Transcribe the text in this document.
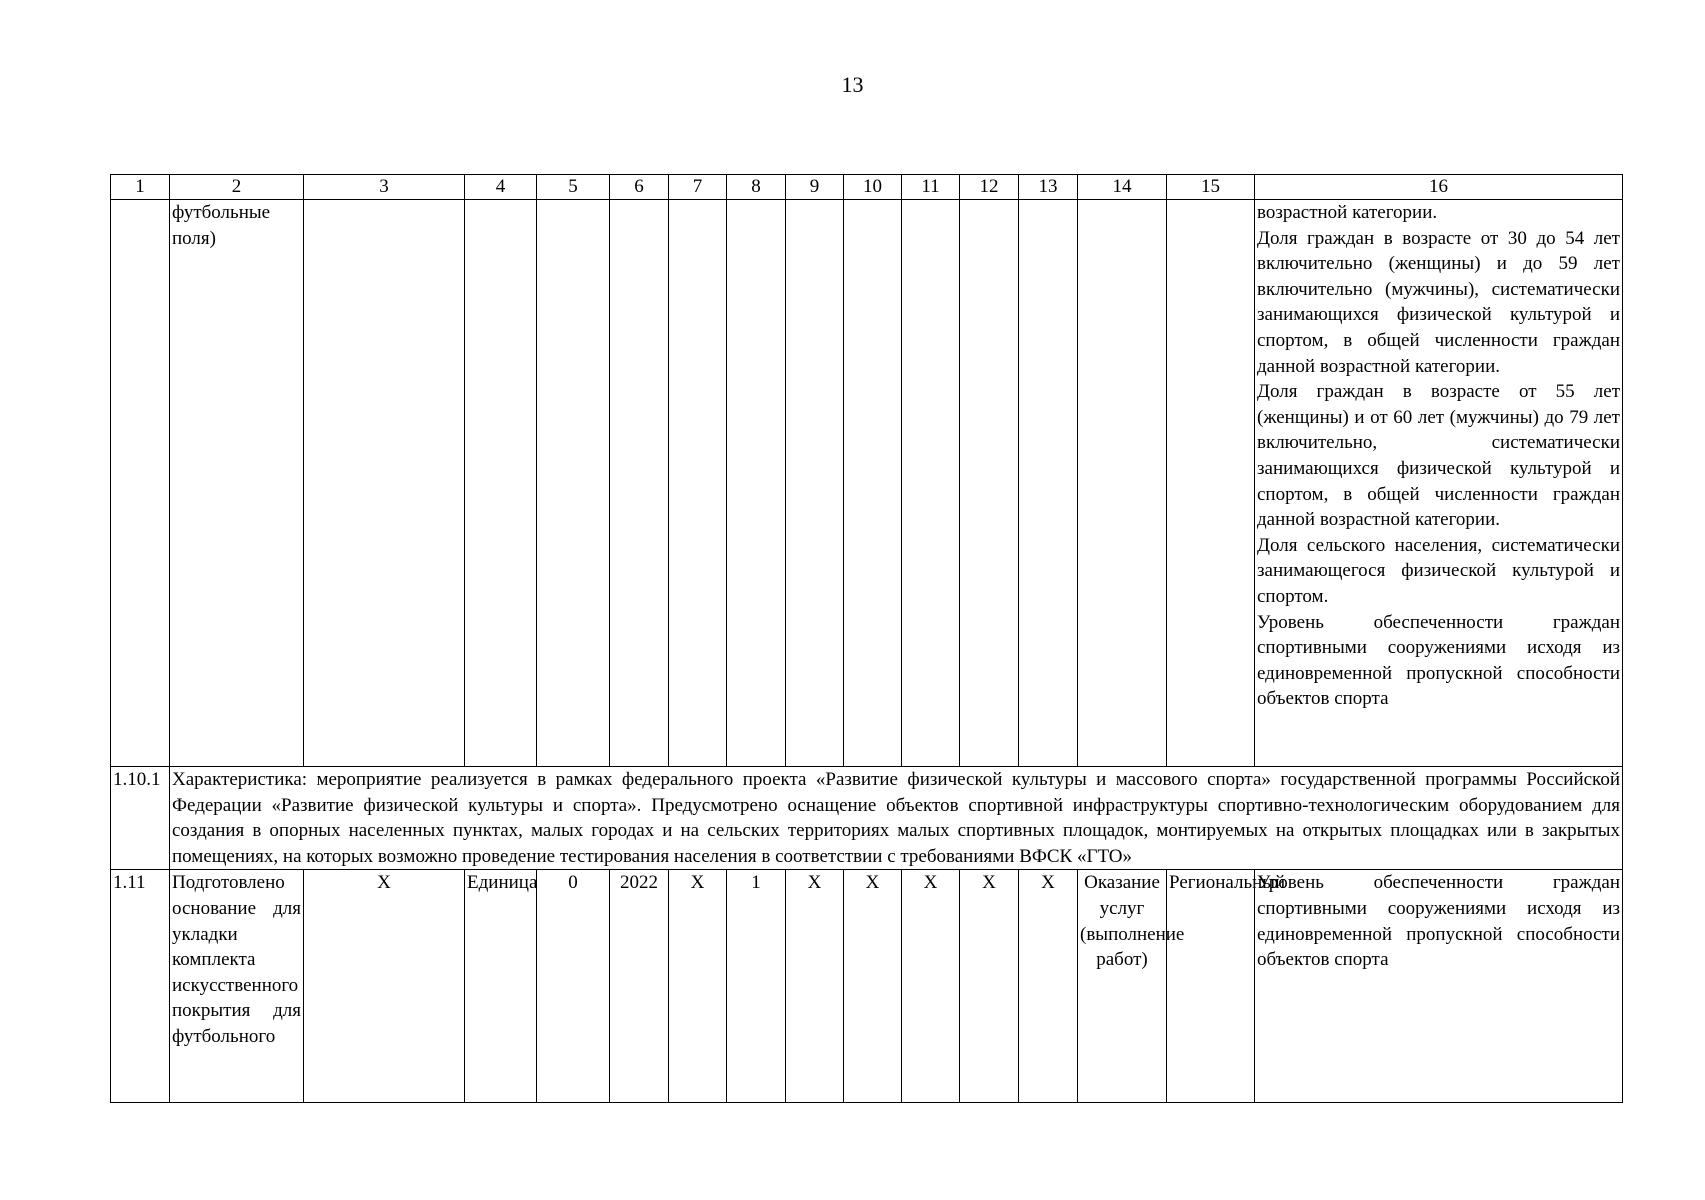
13
1	2	3	4	5	6	7	8	9	10	11	12	13	14	15	16
	футбольные поля)														возрастной категории.

Доля граждан в возрасте от 30 до 54 лет включительно (женщины) и до 59 лет включительно (мужчины), систематически занимающихся физической культурой и спортом, в общей численности граждан данной возрастной категории.

Доля граждан в возрасте от 55 лет (женщины) и от 60 лет (мужчины) до 79 лет включительно, систематически занимающихся физической культурой и спортом, в общей численности граждан данной возрастной категории.

Доля сельского населения, систематически занимающегося физической культурой и спортом.

Уровень обеспеченности граждан спортивными сооружениями исходя из единовременной пропускной способности объектов спорта

1.10.1	Характеристика: мероприятие реализуется в рамках федерального проекта «Развитие физической культуры и массового спорта» государственной программы Российской Федерации «Развитие физической культуры и спорта». Предусмотрено оснащение объектов спортивной инфраструктуры спортивно-технологическим оборудованием для создания в опорных населенных пунктах, малых городах и на сельских территориях малых спортивных площадок, монтируемых на открытых площадках или в закрытых помещениях, на которых возможно проведение тестирования населения в соответствии с требованиями ВФСК «ГТО»														
1.11	Подготовлено основание для укладки комплекта искусственного покрытия для футбольного	X	Единица	0	2022	X	1	X	X	X	X	X	Оказание услуг (выполнение работ)	Региональный	Уровень обеспеченности граждан спортивными сооружениями исходя из единовременной пропускной способности объектов спорта
